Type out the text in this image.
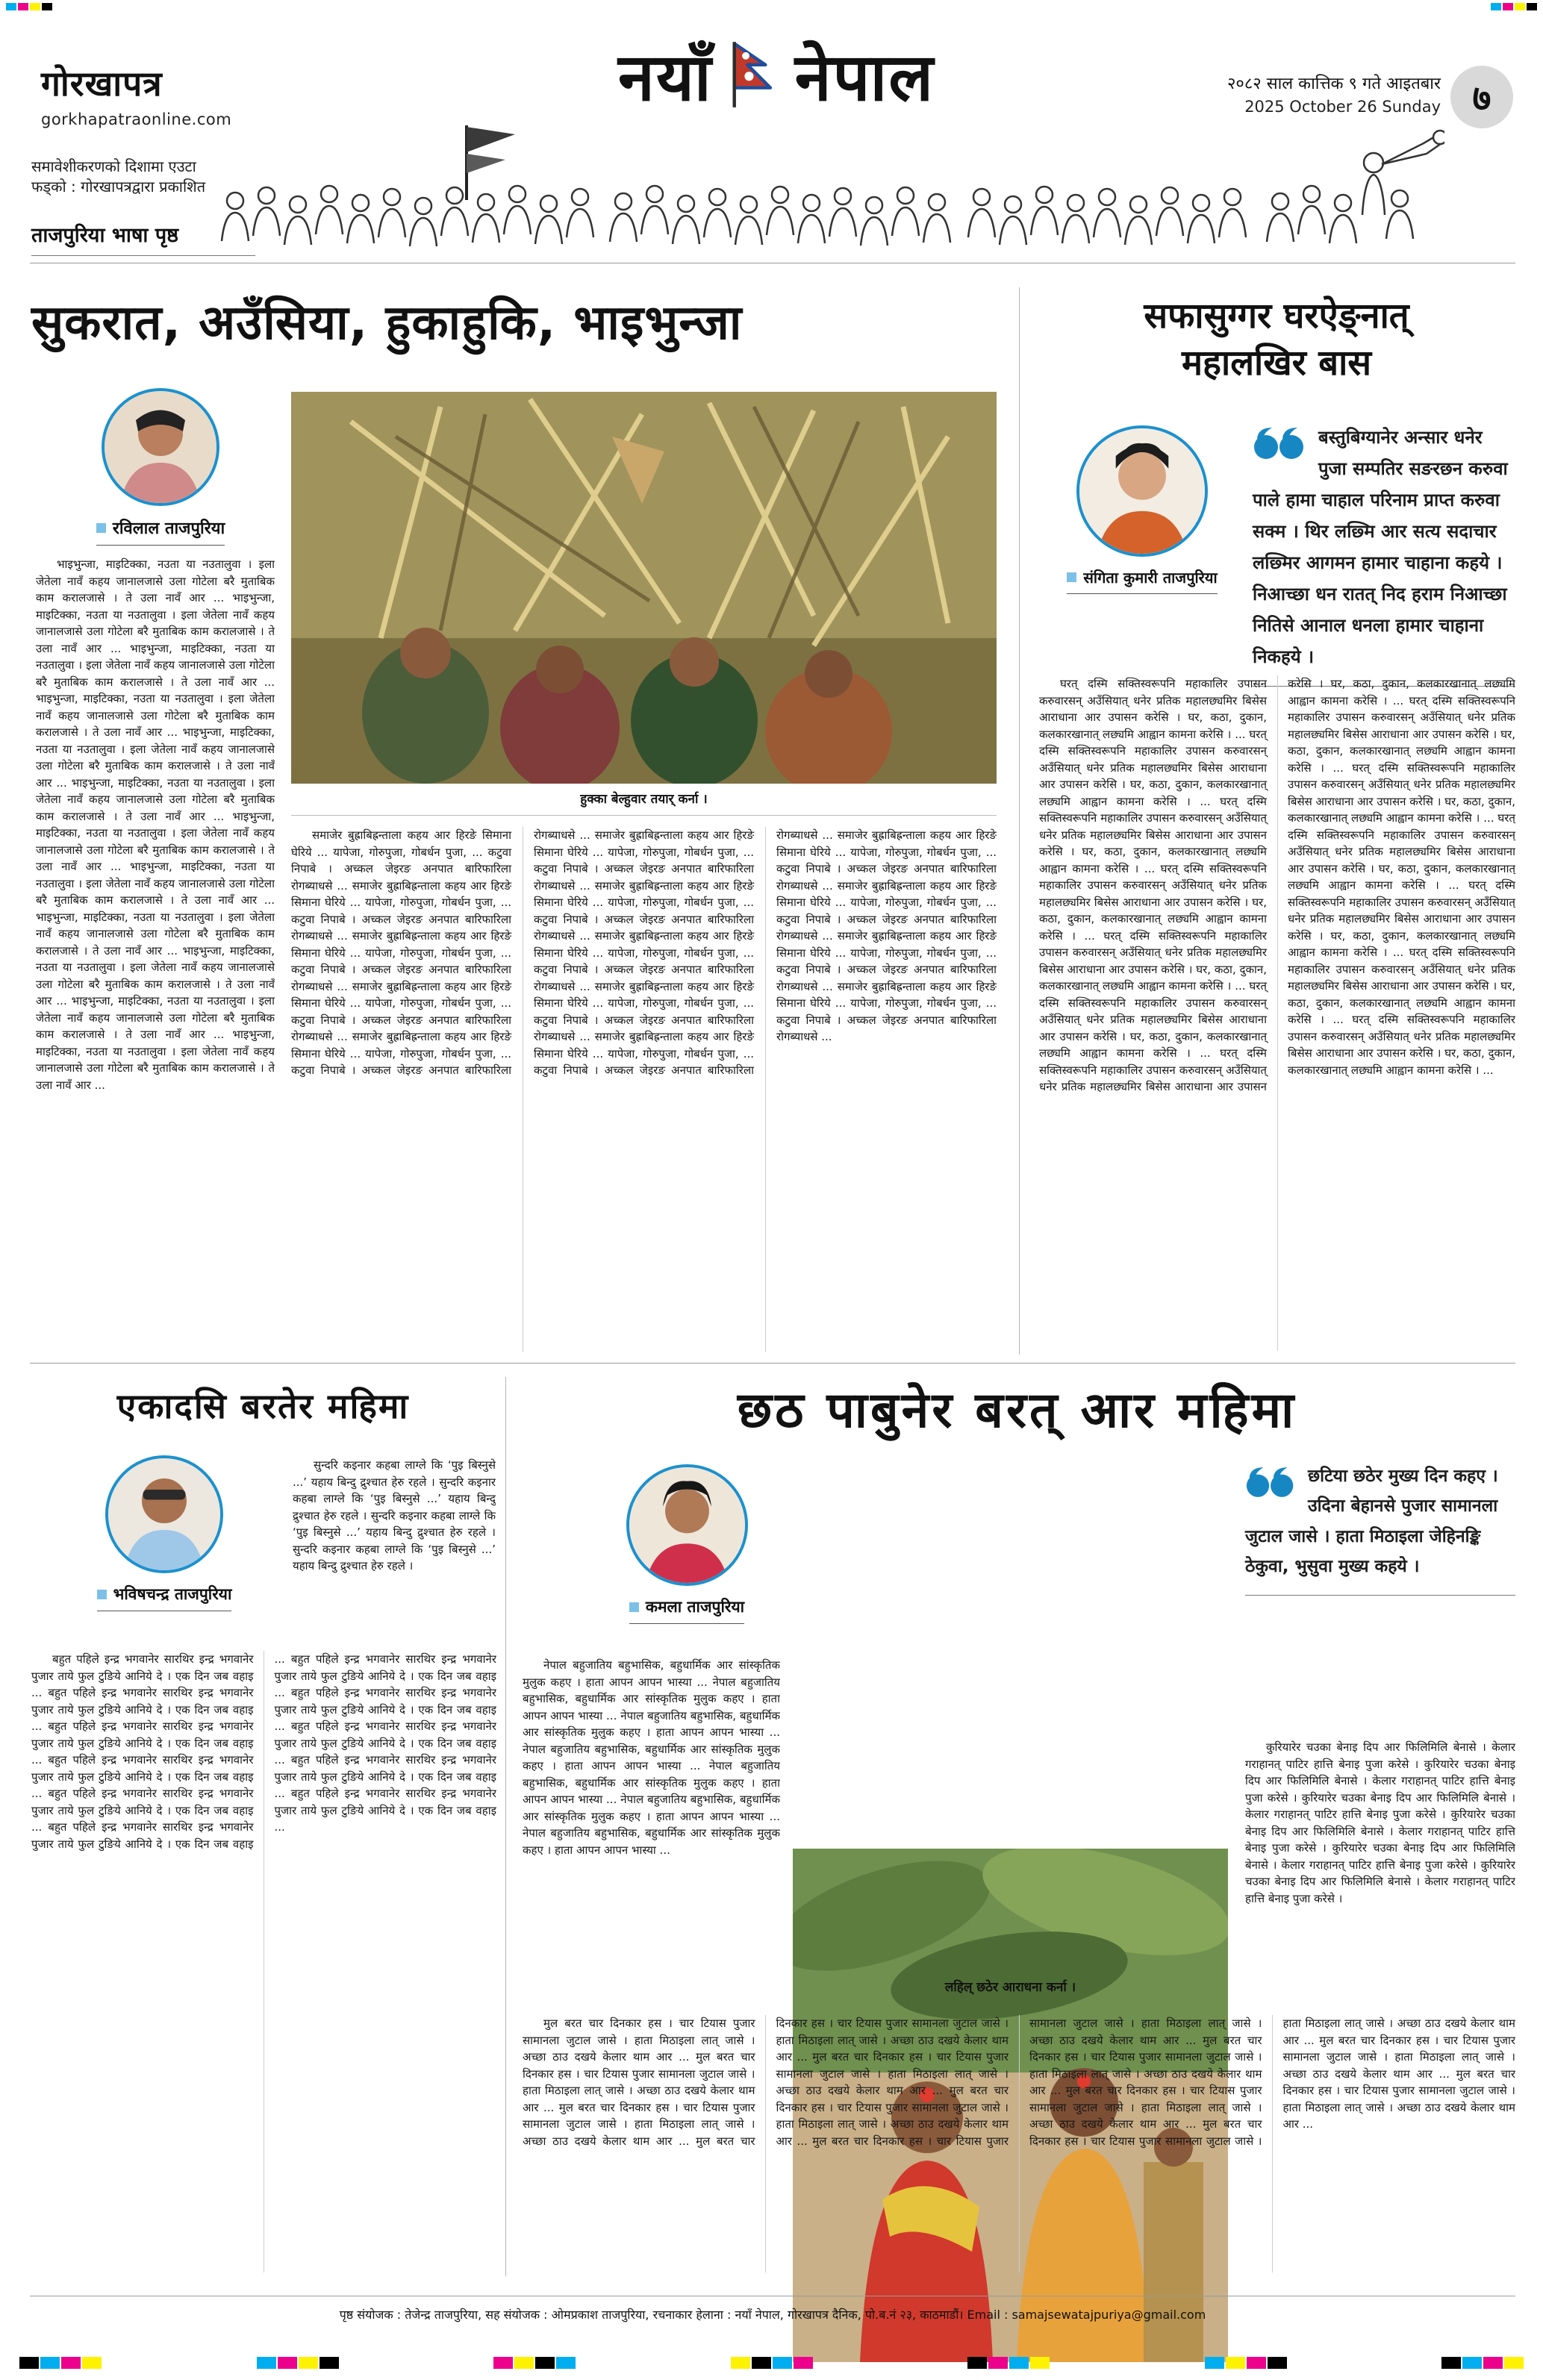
गोरखापत्र
gorkhapatraonline.com
समावेशीकरणको दिशामा एउटा
फड्को : गोरखापत्रद्वारा प्रकाशित
ताजपुरिया भाषा पृष्ठ
नयाँ नेपाल	२०८२ साल कात्तिक ९ गते आइतबार
2025 October 26 Sunday ७
सुकरात, अउँसिया, हुकाहुकि, भाइभुन्जा
रविलाल ताजपुरिया

भाइभुन्जा, माइटिक्का, नउता या नउतालुवा । इला जेतेला नावँ कहय जानालजासे उला गोटेला बरै मुताबिक काम करालजासे । ते उला नावँ आर ... भाइभुन्जा, माइटिक्का, नउता या नउतालुवा । इला जेतेला नावँ कहय जानालजासे उला गोटेला बरै मुताबिक काम करालजासे । ते उला नावँ आर ... भाइभुन्जा, माइटिक्का, नउता या नउतालुवा । इला जेतेला नावँ कहय जानालजासे उला गोटेला बरै मुताबिक काम करालजासे । ते उला नावँ आर ... भाइभुन्जा, माइटिक्का, नउता या नउतालुवा । इला जेतेला नावँ कहय जानालजासे उला गोटेला बरै मुताबिक काम करालजासे । ते उला नावँ आर ... भाइभुन्जा, माइटिक्का, नउता या नउतालुवा । इला जेतेला नावँ कहय जानालजासे उला गोटेला बरै मुताबिक काम करालजासे । ते उला नावँ आर ... भाइभुन्जा, माइटिक्का, नउता या नउतालुवा । इला जेतेला नावँ कहय जानालजासे उला गोटेला बरै मुताबिक काम करालजासे । ते उला नावँ आर ... भाइभुन्जा, माइटिक्का, नउता या नउतालुवा । इला जेतेला नावँ कहय जानालजासे उला गोटेला बरै मुताबिक काम करालजासे । ते उला नावँ आर ... भाइभुन्जा, माइटिक्का, नउता या नउतालुवा । इला जेतेला नावँ कहय जानालजासे उला गोटेला बरै मुताबिक काम करालजासे । ते उला नावँ आर ... भाइभुन्जा, माइटिक्का, नउता या नउतालुवा । इला जेतेला नावँ कहय जानालजासे उला गोटेला बरै मुताबिक काम करालजासे । ते उला नावँ आर ... भाइभुन्जा, माइटिक्का, नउता या नउतालुवा । इला जेतेला नावँ कहय जानालजासे उला गोटेला बरै मुताबिक काम करालजासे । ते उला नावँ आर ... भाइभुन्जा, माइटिक्का, नउता या नउतालुवा । इला जेतेला नावँ कहय जानालजासे उला गोटेला बरै मुताबिक काम करालजासे । ते उला नावँ आर ... भाइभुन्जा, माइटिक्का, नउता या नउतालुवा । इला जेतेला नावँ कहय जानालजासे उला गोटेला बरै मुताबिक काम करालजासे । ते उला नावँ आर ...

हुक्का बेल्हुवार तयार् कर्ना ।

समाजेर बुह्राबिह्रन्ताला कहय आर हिरङे सिमाना घेरिये ... यापेजा, गोरुपुजा, गोबर्धन पुजा, ... कटुवा निपाबे । अच्कल जेइरङ अनपात बारिफारिला रोगब्याधसे ... समाजेर बुह्राबिह्रन्ताला कहय आर हिरङे सिमाना घेरिये ... यापेजा, गोरुपुजा, गोबर्धन पुजा, ... कटुवा निपाबे । अच्कल जेइरङ अनपात बारिफारिला रोगब्याधसे ... समाजेर बुह्राबिह्रन्ताला कहय आर हिरङे सिमाना घेरिये ... यापेजा, गोरुपुजा, गोबर्धन पुजा, ... कटुवा निपाबे । अच्कल जेइरङ अनपात बारिफारिला रोगब्याधसे ... समाजेर बुह्राबिह्रन्ताला कहय आर हिरङे सिमाना घेरिये ... यापेजा, गोरुपुजा, गोबर्धन पुजा, ... कटुवा निपाबे । अच्कल जेइरङ अनपात बारिफारिला रोगब्याधसे ... समाजेर बुह्राबिह्रन्ताला कहय आर हिरङे सिमाना घेरिये ... यापेजा, गोरुपुजा, गोबर्धन पुजा, ... कटुवा निपाबे । अच्कल जेइरङ अनपात बारिफारिला रोगब्याधसे ... समाजेर बुह्राबिह्रन्ताला कहय आर हिरङे सिमाना घेरिये ... यापेजा, गोरुपुजा, गोबर्धन पुजा, ... कटुवा निपाबे । अच्कल जेइरङ अनपात बारिफारिला रोगब्याधसे ... समाजेर बुह्राबिह्रन्ताला कहय आर हिरङे सिमाना घेरिये ... यापेजा, गोरुपुजा, गोबर्धन पुजा, ... कटुवा निपाबे । अच्कल जेइरङ अनपात बारिफारिला रोगब्याधसे ... समाजेर बुह्राबिह्रन्ताला कहय आर हिरङे सिमाना घेरिये ... यापेजा, गोरुपुजा, गोबर्धन पुजा, ... कटुवा निपाबे । अच्कल जेइरङ अनपात बारिफारिला रोगब्याधसे ... समाजेर बुह्राबिह्रन्ताला कहय आर हिरङे सिमाना घेरिये ... यापेजा, गोरुपुजा, गोबर्धन पुजा, ... कटुवा निपाबे । अच्कल जेइरङ अनपात बारिफारिला रोगब्याधसे ... समाजेर बुह्राबिह्रन्ताला कहय आर हिरङे सिमाना घेरिये ... यापेजा, गोरुपुजा, गोबर्धन पुजा, ... कटुवा निपाबे । अच्कल जेइरङ अनपात बारिफारिला रोगब्याधसे ... समाजेर बुह्राबिह्रन्ताला कहय आर हिरङे सिमाना घेरिये ... यापेजा, गोरुपुजा, गोबर्धन पुजा, ... कटुवा निपाबे । अच्कल जेइरङ अनपात बारिफारिला रोगब्याधसे ... समाजेर बुह्राबिह्रन्ताला कहय आर हिरङे सिमाना घेरिये ... यापेजा, गोरुपुजा, गोबर्धन पुजा, ... कटुवा निपाबे । अच्कल जेइरङ अनपात बारिफारिला रोगब्याधसे ... समाजेर बुह्राबिह्रन्ताला कहय आर हिरङे सिमाना घेरिये ... यापेजा, गोरुपुजा, गोबर्धन पुजा, ... कटुवा निपाबे । अच्कल जेइरङ अनपात बारिफारिला रोगब्याधसे ... समाजेर बुह्राबिह्रन्ताला कहय आर हिरङे सिमाना घेरिये ... यापेजा, गोरुपुजा, गोबर्धन पुजा, ... कटुवा निपाबे । अच्कल जेइरङ अनपात बारिफारिला रोगब्याधसे ...

सफासुग्गर घरऐङ्नात्
महालखिर बास
संगिता कुमारी ताजपुरिया
बस्तुबिग्यानेर अन्सार धनेर पुजा सम्पतिर सङरछन करुवा पाले हामा चाहाल परिनाम प्राप्त करुवा सक्म । थिर लछ्मि आर सत्य सदाचार लछ्मिर आगमन हामार चाहाना कहये । निआच्छा धन रातत् निद हराम निआच्छा नितिसे आनाल धनला हामार चाहाना निकहये ।

घरत् दस्मि सक्तिस्वरूपनि महाकालिर उपासन करुवारसन् अउँसियात् धनेर प्रतिक महालछ्यमिर बिसेस आराधाना आर उपासन करेसि । घर, कठा, दुकान, कलकारखानात् लछ्यमि आह्वान कामना करेसि । ... घरत् दस्मि सक्तिस्वरूपनि महाकालिर उपासन करुवारसन् अउँसियात् धनेर प्रतिक महालछ्यमिर बिसेस आराधाना आर उपासन करेसि । घर, कठा, दुकान, कलकारखानात् लछ्यमि आह्वान कामना करेसि । ... घरत् दस्मि सक्तिस्वरूपनि महाकालिर उपासन करुवारसन् अउँसियात् धनेर प्रतिक महालछ्यमिर बिसेस आराधाना आर उपासन करेसि । घर, कठा, दुकान, कलकारखानात् लछ्यमि आह्वान कामना करेसि । ... घरत् दस्मि सक्तिस्वरूपनि महाकालिर उपासन करुवारसन् अउँसियात् धनेर प्रतिक महालछ्यमिर बिसेस आराधाना आर उपासन करेसि । घर, कठा, दुकान, कलकारखानात् लछ्यमि आह्वान कामना करेसि । ... घरत् दस्मि सक्तिस्वरूपनि महाकालिर उपासन करुवारसन् अउँसियात् धनेर प्रतिक महालछ्यमिर बिसेस आराधाना आर उपासन करेसि । घर, कठा, दुकान, कलकारखानात् लछ्यमि आह्वान कामना करेसि । ... घरत् दस्मि सक्तिस्वरूपनि महाकालिर उपासन करुवारसन् अउँसियात् धनेर प्रतिक महालछ्यमिर बिसेस आराधाना आर उपासन करेसि । घर, कठा, दुकान, कलकारखानात् लछ्यमि आह्वान कामना करेसि । ... घरत् दस्मि सक्तिस्वरूपनि महाकालिर उपासन करुवारसन् अउँसियात् धनेर प्रतिक महालछ्यमिर बिसेस आराधाना आर उपासन करेसि । घर, कठा, दुकान, कलकारखानात् लछ्यमि आह्वान कामना करेसि । ... घरत् दस्मि सक्तिस्वरूपनि महाकालिर उपासन करुवारसन् अउँसियात् धनेर प्रतिक महालछ्यमिर बिसेस आराधाना आर उपासन करेसि । घर, कठा, दुकान, कलकारखानात् लछ्यमि आह्वान कामना करेसि । ... घरत् दस्मि सक्तिस्वरूपनि महाकालिर उपासन करुवारसन् अउँसियात् धनेर प्रतिक महालछ्यमिर बिसेस आराधाना आर उपासन करेसि । घर, कठा, दुकान, कलकारखानात् लछ्यमि आह्वान कामना करेसि । ... घरत् दस्मि सक्तिस्वरूपनि महाकालिर उपासन करुवारसन् अउँसियात् धनेर प्रतिक महालछ्यमिर बिसेस आराधाना आर उपासन करेसि । घर, कठा, दुकान, कलकारखानात् लछ्यमि आह्वान कामना करेसि । ... घरत् दस्मि सक्तिस्वरूपनि महाकालिर उपासन करुवारसन् अउँसियात् धनेर प्रतिक महालछ्यमिर बिसेस आराधाना आर उपासन करेसि । घर, कठा, दुकान, कलकारखानात् लछ्यमि आह्वान कामना करेसि । ... घरत् दस्मि सक्तिस्वरूपनि महाकालिर उपासन करुवारसन् अउँसियात् धनेर प्रतिक महालछ्यमिर बिसेस आराधाना आर उपासन करेसि । घर, कठा, दुकान, कलकारखानात् लछ्यमि आह्वान कामना करेसि । ... घरत् दस्मि सक्तिस्वरूपनि महाकालिर उपासन करुवारसन् अउँसियात् धनेर प्रतिक महालछ्यमिर बिसेस आराधाना आर उपासन करेसि । घर, कठा, दुकान, कलकारखानात् लछ्यमि आह्वान कामना करेसि । ...

एकादसि बरतेर महिमा
भविषचन्द्र ताजपुरिया

सुन्दरि कइनार कहबा लाग्ले कि ‘पुइ बिस्नुसे ...’ यहाय बिन्दु द्रुश्चात हेरु रहले । सुन्दरि कइनार कहबा लाग्ले कि ‘पुइ बिस्नुसे ...’ यहाय बिन्दु द्रुश्चात हेरु रहले । सुन्दरि कइनार कहबा लाग्ले कि ‘पुइ बिस्नुसे ...’ यहाय बिन्दु द्रुश्चात हेरु रहले । सुन्दरि कइनार कहबा लाग्ले कि ‘पुइ बिस्नुसे ...’ यहाय बिन्दु द्रुश्चात हेरु रहले ।

बहुत पहिले इन्द्र भगवानेर सारथिर इन्द्र भगवानेर पुजार ताये फुल टुङिये आनिये दे । एक दिन जब वहाइ ... बहुत पहिले इन्द्र भगवानेर सारथिर इन्द्र भगवानेर पुजार ताये फुल टुङिये आनिये दे । एक दिन जब वहाइ ... बहुत पहिले इन्द्र भगवानेर सारथिर इन्द्र भगवानेर पुजार ताये फुल टुङिये आनिये दे । एक दिन जब वहाइ ... बहुत पहिले इन्द्र भगवानेर सारथिर इन्द्र भगवानेर पुजार ताये फुल टुङिये आनिये दे । एक दिन जब वहाइ ... बहुत पहिले इन्द्र भगवानेर सारथिर इन्द्र भगवानेर पुजार ताये फुल टुङिये आनिये दे । एक दिन जब वहाइ ... बहुत पहिले इन्द्र भगवानेर सारथिर इन्द्र भगवानेर पुजार ताये फुल टुङिये आनिये दे । एक दिन जब वहाइ ... बहुत पहिले इन्द्र भगवानेर सारथिर इन्द्र भगवानेर पुजार ताये फुल टुङिये आनिये दे । एक दिन जब वहाइ ... बहुत पहिले इन्द्र भगवानेर सारथिर इन्द्र भगवानेर पुजार ताये फुल टुङिये आनिये दे । एक दिन जब वहाइ ... बहुत पहिले इन्द्र भगवानेर सारथिर इन्द्र भगवानेर पुजार ताये फुल टुङिये आनिये दे । एक दिन जब वहाइ ... बहुत पहिले इन्द्र भगवानेर सारथिर इन्द्र भगवानेर पुजार ताये फुल टुङिये आनिये दे । एक दिन जब वहाइ ... बहुत पहिले इन्द्र भगवानेर सारथिर इन्द्र भगवानेर पुजार ताये फुल टुङिये आनिये दे । एक दिन जब वहाइ ...

छठ पाबुनेर बरत् आर महिमा
कमला ताजपुरिया

नेपाल बहुजातिय बहुभासिक, बहुधार्मिक आर सांस्कृतिक मुलुक कहए । हाता आपन आपन भास्या ... नेपाल बहुजातिय बहुभासिक, बहुधार्मिक आर सांस्कृतिक मुलुक कहए । हाता आपन आपन भास्या ... नेपाल बहुजातिय बहुभासिक, बहुधार्मिक आर सांस्कृतिक मुलुक कहए । हाता आपन आपन भास्या ... नेपाल बहुजातिय बहुभासिक, बहुधार्मिक आर सांस्कृतिक मुलुक कहए । हाता आपन आपन भास्या ... नेपाल बहुजातिय बहुभासिक, बहुधार्मिक आर सांस्कृतिक मुलुक कहए । हाता आपन आपन भास्या ... नेपाल बहुजातिय बहुभासिक, बहुधार्मिक आर सांस्कृतिक मुलुक कहए । हाता आपन आपन भास्या ... नेपाल बहुजातिय बहुभासिक, बहुधार्मिक आर सांस्कृतिक मुलुक कहए । हाता आपन आपन भास्या ...

लहिल् छठेर आराधना कर्ना ।
छटिया छठेर मुख्य दिन कहए । उदिना बेहानसे पुजार सामानला जुटाल जासे । हाता मिठाइला जेहिनङ्कि ठेकुवा, भुसुवा मुख्य कहये ।

कुरियारेर चउका बेनाइ दिप आर फिलिमिलि बेनासे । केलार गराहानत् पाटिर हात्ति बेनाइ पुजा करेसे । कुरियारेर चउका बेनाइ दिप आर फिलिमिलि बेनासे । केलार गराहानत् पाटिर हात्ति बेनाइ पुजा करेसे । कुरियारेर चउका बेनाइ दिप आर फिलिमिलि बेनासे । केलार गराहानत् पाटिर हात्ति बेनाइ पुजा करेसे । कुरियारेर चउका बेनाइ दिप आर फिलिमिलि बेनासे । केलार गराहानत् पाटिर हात्ति बेनाइ पुजा करेसे । कुरियारेर चउका बेनाइ दिप आर फिलिमिलि बेनासे । केलार गराहानत् पाटिर हात्ति बेनाइ पुजा करेसे । कुरियारेर चउका बेनाइ दिप आर फिलिमिलि बेनासे । केलार गराहानत् पाटिर हात्ति बेनाइ पुजा करेसे ।

मुल बरत चार दिनकार हस । चार टियास पुजार सामानला जुटाल जासे । हाता मिठाइला लात् जासे । अच्छा ठाउ दखये केलार थाम आर ... मुल बरत चार दिनकार हस । चार टियास पुजार सामानला जुटाल जासे । हाता मिठाइला लात् जासे । अच्छा ठाउ दखये केलार थाम आर ... मुल बरत चार दिनकार हस । चार टियास पुजार सामानला जुटाल जासे । हाता मिठाइला लात् जासे । अच्छा ठाउ दखये केलार थाम आर ... मुल बरत चार दिनकार हस । चार टियास पुजार सामानला जुटाल जासे । हाता मिठाइला लात् जासे । अच्छा ठाउ दखये केलार थाम आर ... मुल बरत चार दिनकार हस । चार टियास पुजार सामानला जुटाल जासे । हाता मिठाइला लात् जासे । अच्छा ठाउ दखये केलार थाम आर ... मुल बरत चार दिनकार हस । चार टियास पुजार सामानला जुटाल जासे । हाता मिठाइला लात् जासे । अच्छा ठाउ दखये केलार थाम आर ... मुल बरत चार दिनकार हस । चार टियास पुजार सामानला जुटाल जासे । हाता मिठाइला लात् जासे । अच्छा ठाउ दखये केलार थाम आर ... मुल बरत चार दिनकार हस । चार टियास पुजार सामानला जुटाल जासे । हाता मिठाइला लात् जासे । अच्छा ठाउ दखये केलार थाम आर ... मुल बरत चार दिनकार हस । चार टियास पुजार सामानला जुटाल जासे । हाता मिठाइला लात् जासे । अच्छा ठाउ दखये केलार थाम आर ... मुल बरत चार दिनकार हस । चार टियास पुजार सामानला जुटाल जासे । हाता मिठाइला लात् जासे । अच्छा ठाउ दखये केलार थाम आर ... मुल बरत चार दिनकार हस । चार टियास पुजार सामानला जुटाल जासे । हाता मिठाइला लात् जासे । अच्छा ठाउ दखये केलार थाम आर ... मुल बरत चार दिनकार हस । चार टियास पुजार सामानला जुटाल जासे । हाता मिठाइला लात् जासे । अच्छा ठाउ दखये केलार थाम आर ...

पृष्ठ संयोजक : तेजेन्द्र ताजपुरिया, सह संयोजक : ओमप्रकाश ताजपुरिया, रचनाकार हेलाना : नयाँ नेपाल, गोरखापत्र दैनिक, पो.ब.नं २३, काठमाडौं। Email : samajsewatajpuriya@gmail.com
